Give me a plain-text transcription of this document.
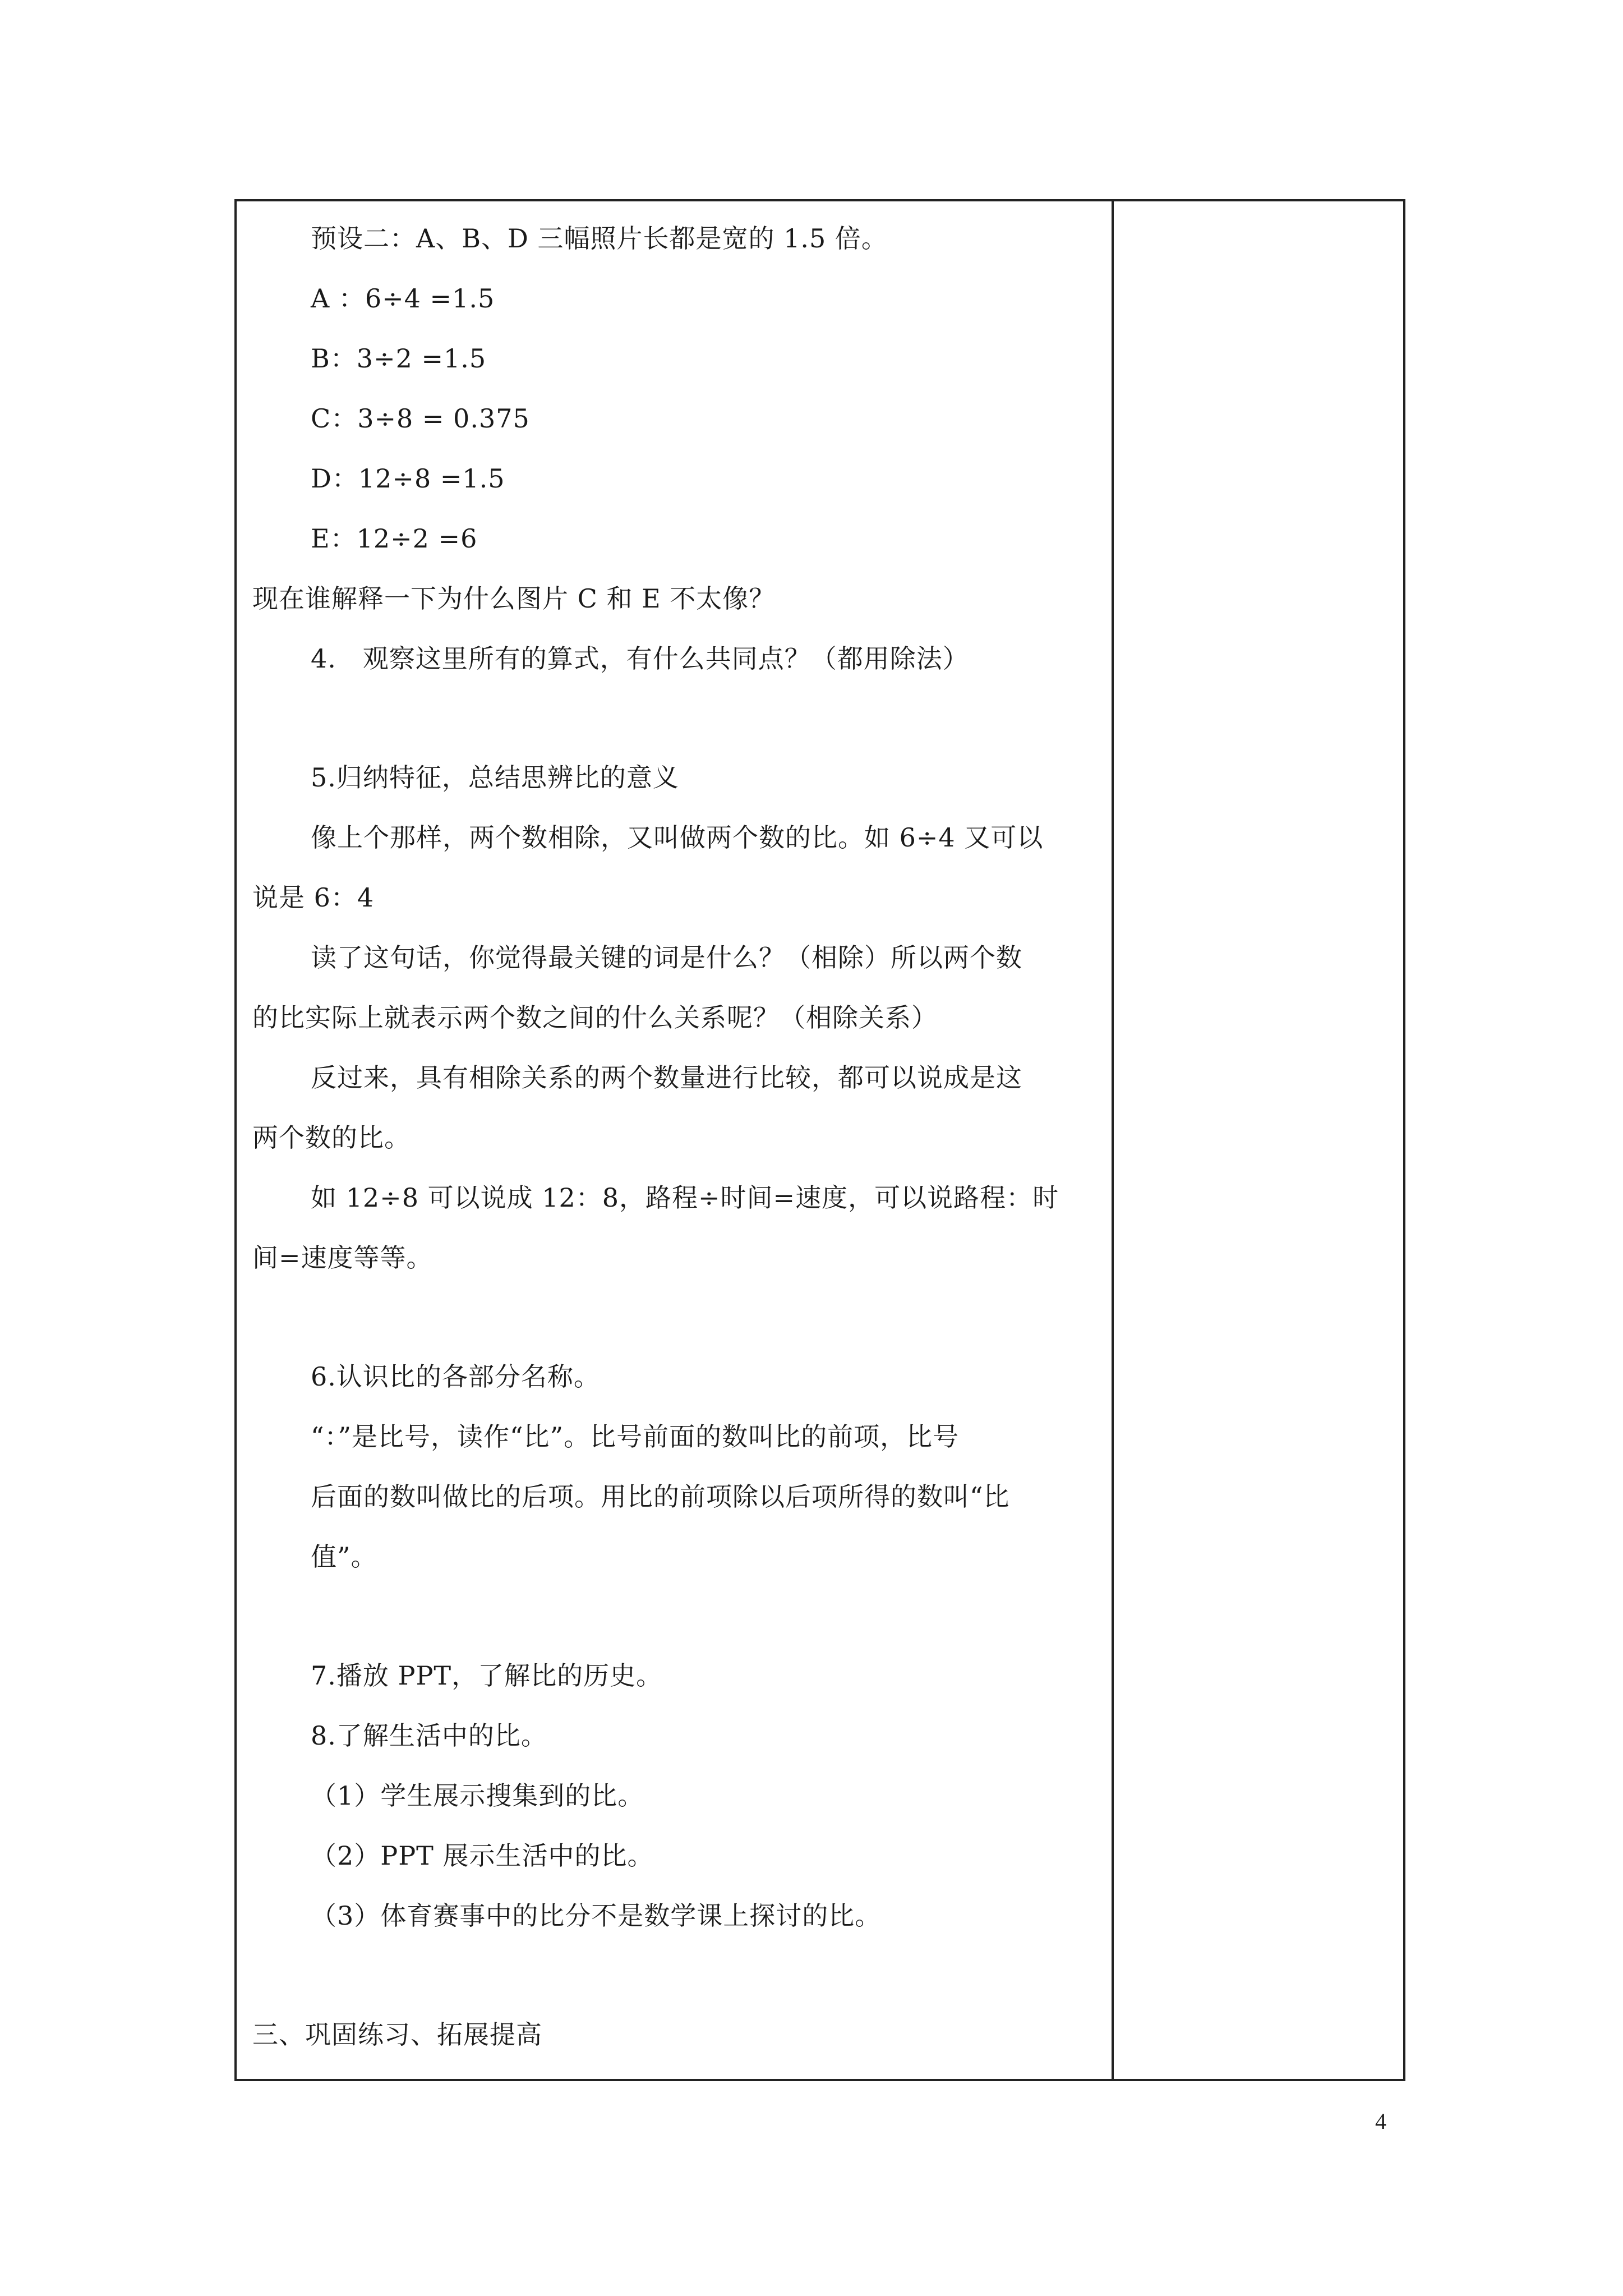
预设二：A、B、D 三幅照片长都是宽的 1.5 倍。
A ：6÷4 =1.5
B：3÷2 =1.5
C：3÷8 = 0.375
D：12÷8 =1.5
E：12÷2 =6
现在谁解释一下为什么图片 C 和 E 不太像？
4.   观察这里所有的算式，有什么共同点？（都用除法）
5.归纳特征，总结思辨比的意义
像上个那样，两个数相除，又叫做两个数的比。如 6÷4 又可以
说是 6：4
读了这句话，你觉得最关键的词是什么？（相除）所以两个数
的比实际上就表示两个数之间的什么关系呢？（相除关系）
反过来，具有相除关系的两个数量进行比较，都可以说成是这
两个数的比。
如 12÷8 可以说成 12：8，路程÷时间=速度，可以说路程：时
间=速度等等。
6.认识比的各部分名称。
“：”是比号，读作“比”。比号前面的数叫比的前项，比号
后面的数叫做比的后项。用比的前项除以后项所得的数叫“比
值”。
7.播放 PPT，了解比的历史。
8.了解生活中的比。
（1）学生展示搜集到的比。
（2）PPT 展示生活中的比。
（3）体育赛事中的比分不是数学课上探讨的比。
三、巩固练习、拓展提高
4
